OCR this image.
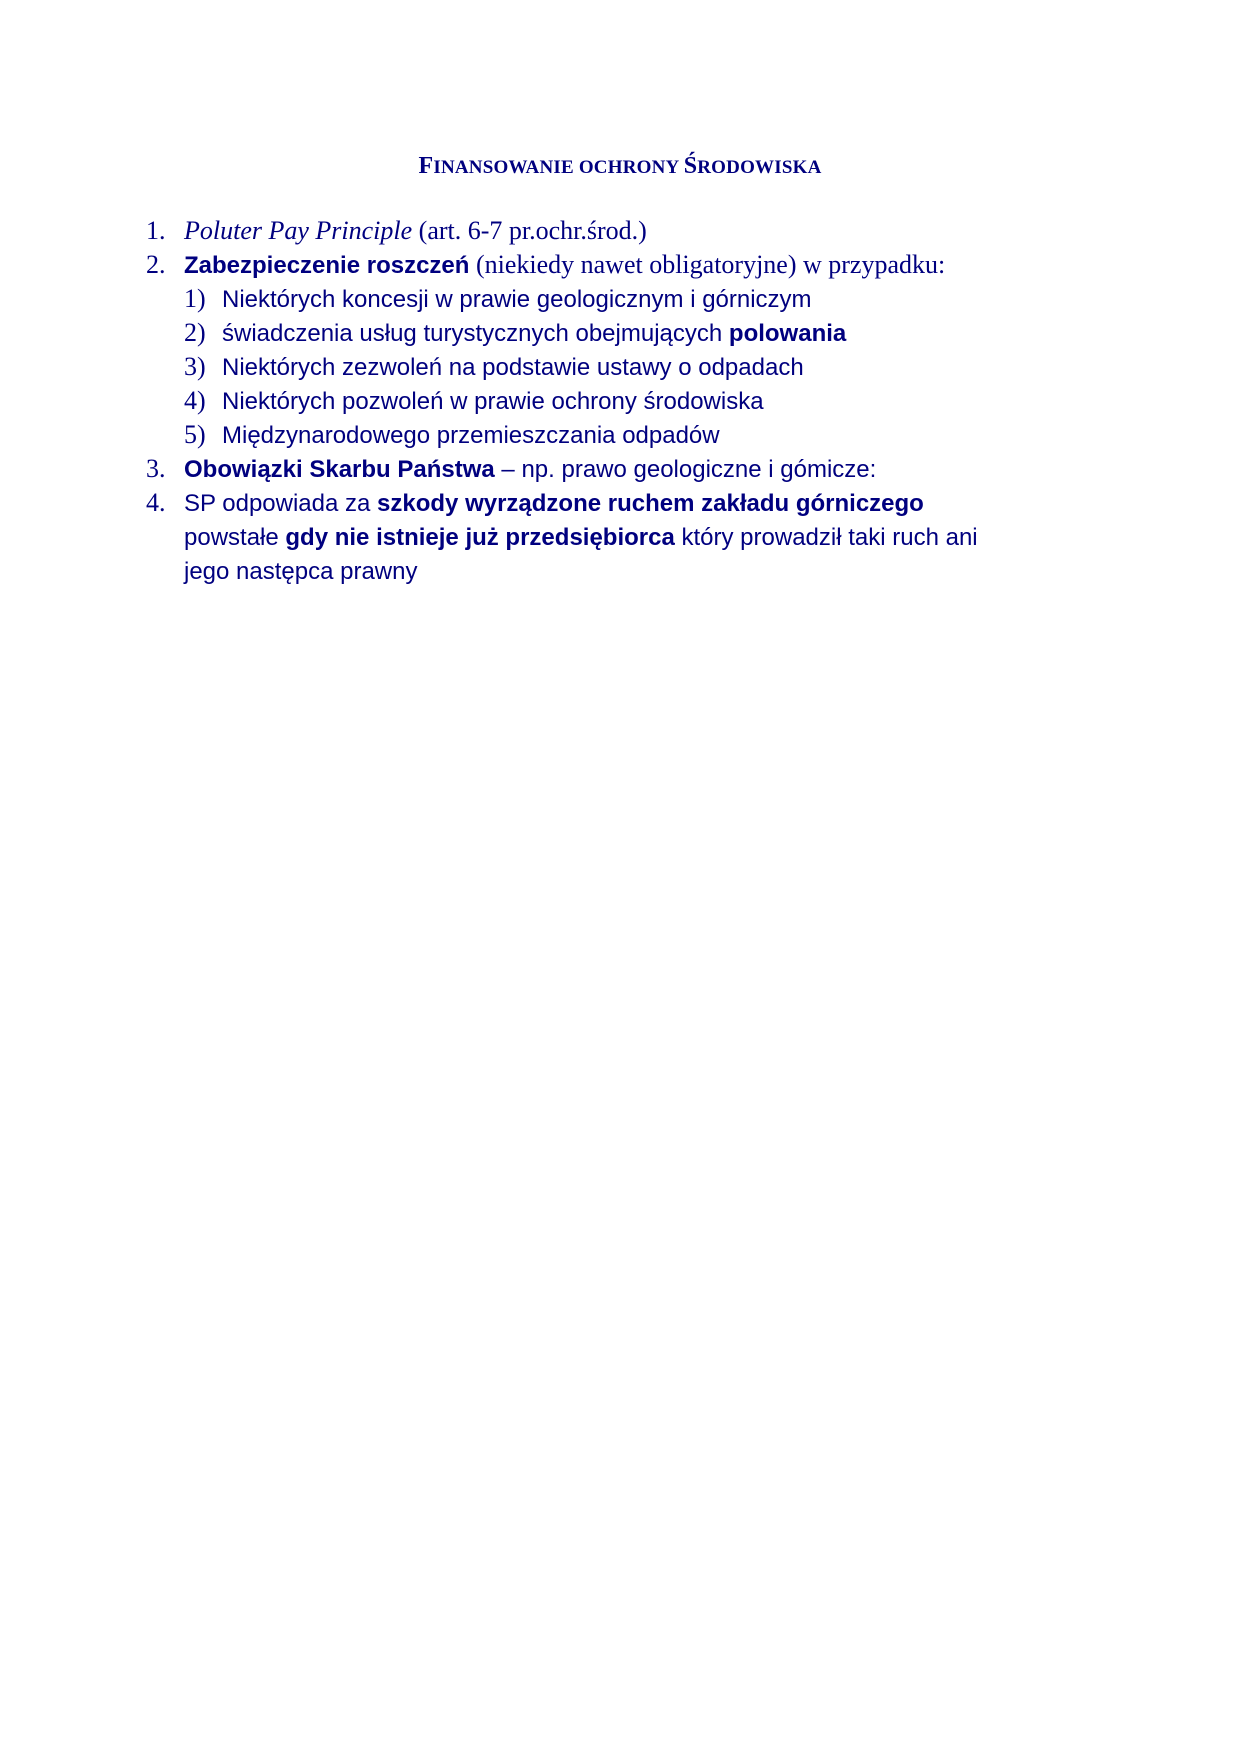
FINANSOWANIE OCHRONY ŚRODOWISKA
1. Poluter Pay Principle (art. 6-7 pr.ochr.środ.)
2. Zabezpieczenie roszczeń (niekiedy nawet obligatoryjne) w przypadku:
1) Niektórych koncesji w prawie geologicznym i górniczym
2) świadczenia usług turystycznych obejmujących polowania
3) Niektórych zezwoleń na podstawie ustawy o odpadach
4) Niektórych pozwoleń w prawie ochrony środowiska
5) Międzynarodowego przemieszczania odpadów
3. Obowiązki Skarbu Państwa – np. prawo geologiczne i gómicze:
4. SP odpowiada za szkody wyrządzone ruchem zakładu górniczego
powstałe gdy nie istnieje już przedsiębiorca który prowadził taki ruch ani
jego następca prawny
